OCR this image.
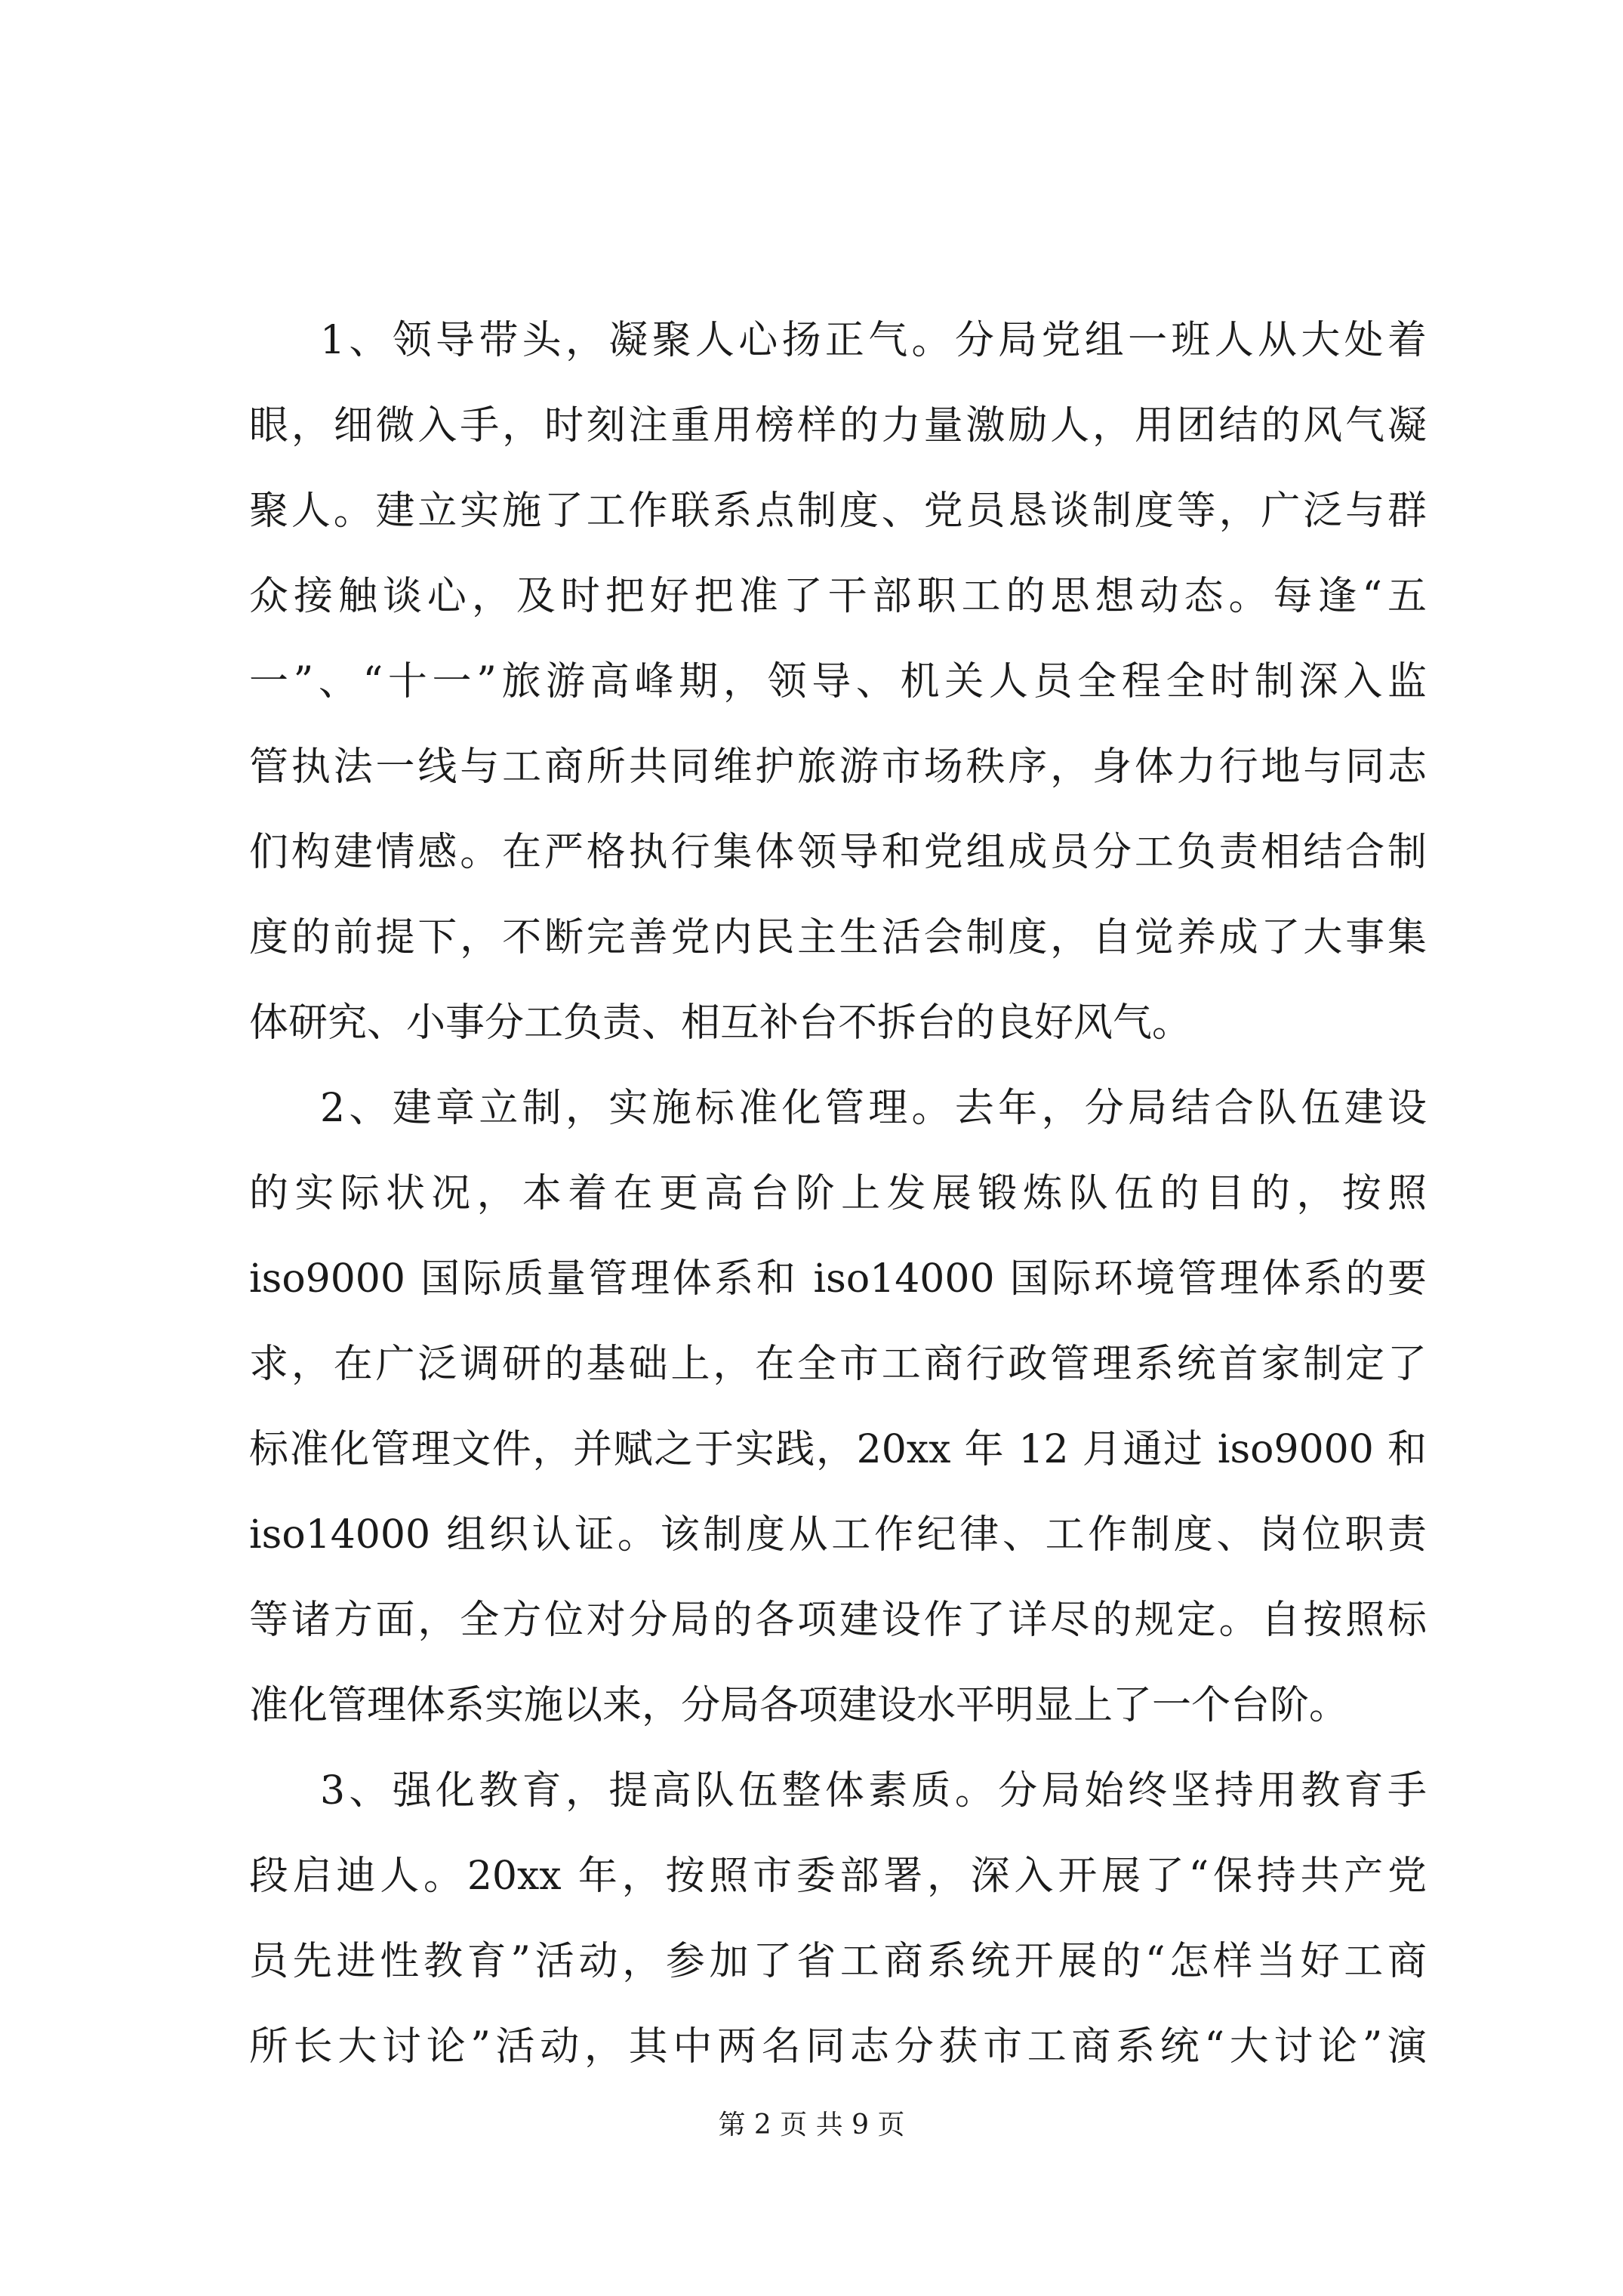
1、领导带头，凝聚人心扬正气。分局党组一班人从大处着
眼，细微入手，时刻注重用榜样的力量激励人，用团结的风气凝
聚人。建立实施了工作联系点制度、党员恳谈制度等，广泛与群
众接触谈心，及时把好把准了干部职工的思想动态。每逢“五
一”、“十一”旅游高峰期，领导、机关人员全程全时制深入监
管执法一线与工商所共同维护旅游市场秩序，身体力行地与同志
们构建情感。在严格执行集体领导和党组成员分工负责相结合制
度的前提下，不断完善党内民主生活会制度，自觉养成了大事集
体研究、小事分工负责、相互补台不拆台的良好风气。
2、建章立制，实施标准化管理。去年，分局结合队伍建设
的实际状况，本着在更高台阶上发展锻炼队伍的目的，按照
iso9000 国际质量管理体系和 iso14000 国际环境管理体系的要
求，在广泛调研的基础上，在全市工商行政管理系统首家制定了
标准化管理文件，并赋之于实践，20xx 年 12 月通过 iso9000 和
iso14000 组织认证。该制度从工作纪律、工作制度、岗位职责
等诸方面，全方位对分局的各项建设作了详尽的规定。自按照标
准化管理体系实施以来，分局各项建设水平明显上了一个台阶。
3、强化教育，提高队伍整体素质。分局始终坚持用教育手
段启迪人。20xx 年，按照市委部署，深入开展了“保持共产党
员先进性教育”活动，参加了省工商系统开展的“怎样当好工商
所长大讨论”活动，其中两名同志分获市工商系统“大讨论”演
第 2 页 共 9 页
